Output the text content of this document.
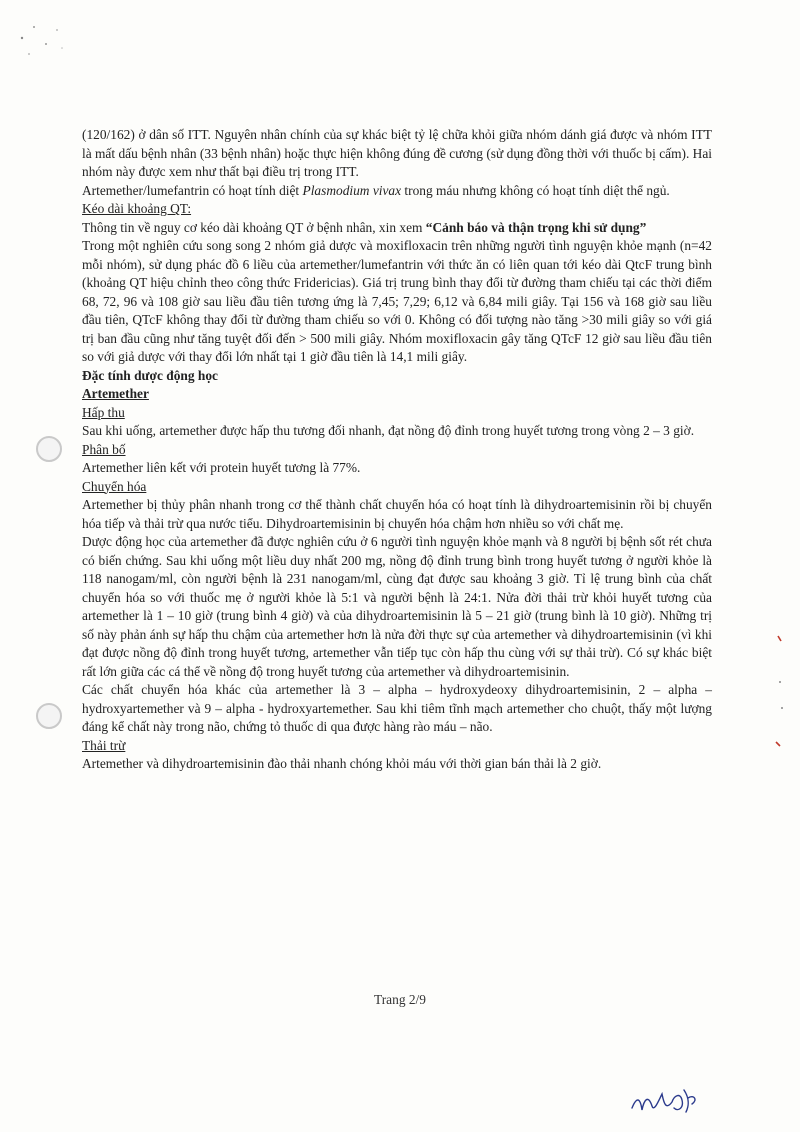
(120/162) ở dân số ITT. Nguyên nhân chính của sự khác biệt tỷ lệ chữa khỏi giữa nhóm dánh giá được và nhóm ITT là mất dấu bệnh nhân (33 bệnh nhân) hoặc thực hiện không đúng đề cương (sử dụng đồng thời với thuốc bị cấm). Hai nhóm này được xem như thất bại điều trị trong ITT.

Artemether/lumefantrin có hoạt tính diệt Plasmodium vivax trong máu nhưng không có hoạt tính diệt thể ngủ.

Kéo dài khoảng QT:

Thông tin về nguy cơ kéo dài khoảng QT ở bệnh nhân, xin xem “Cảnh báo và thận trọng khi sử dụng”

Trong một nghiên cứu song song 2 nhóm giả dược và moxifloxacin trên những người tình nguyện khỏe mạnh (n=42 mỗi nhóm), sử dụng phác đồ 6 liều của artemether/lumefantrin với thức ăn có liên quan tới kéo dài QtcF trung bình (khoảng QT hiệu chỉnh theo công thức Fridericias). Giá trị trung bình thay đổi từ đường tham chiếu tại các thời điểm 68, 72, 96 và 108 giờ sau liều đầu tiên tương ứng là 7,45; 7,29; 6,12 và 6,84 mili giây. Tại 156 và 168 giờ sau liều đầu tiên, QTcF không thay đổi từ đường tham chiếu so với 0. Không có đối tượng nào tăng >30 mili giây so với giá trị ban đầu cũng như tăng tuyệt đối đến > 500 mili giây. Nhóm moxifloxacin gây tăng QTcF 12 giờ sau liều đầu tiên so với giả dược với thay đổi lớn nhất tại 1 giờ đầu tiên là 14,1 mili giây.

Đặc tính dược động học

Artemether

Hấp thu

Sau khi uống, artemether được hấp thu tương đối nhanh, đạt nồng độ đỉnh trong huyết tương trong vòng 2 – 3 giờ.

Phân bố

Artemether liên kết với protein huyết tương là 77%.

Chuyển hóa

Artemether bị thủy phân nhanh trong cơ thể thành chất chuyển hóa có hoạt tính là dihydroartemisinin rồi bị chuyển hóa tiếp và thải trừ qua nước tiểu. Dihydroartemisinin bị chuyển hóa chậm hơn nhiều so với chất mẹ.

Dược động học của artemether đã được nghiên cứu ở 6 người tình nguyện khỏe mạnh và 8 người bị bệnh sốt rét chưa có biến chứng. Sau khi uống một liều duy nhất 200 mg, nồng độ đỉnh trung bình trong huyết tương ở người khỏe là 118 nanogam/ml, còn người bệnh là 231 nanogam/ml, cùng đạt được sau khoảng 3 giờ. Tỉ lệ trung bình của chất chuyển hóa so với thuốc mẹ ở người khỏe là 5:1 và người bệnh là 24:1. Nửa đời thải trừ khỏi huyết tương của artemether là 1 – 10 giờ (trung bình 4 giờ) và của dihydroartemisinin là 5 – 21 giờ (trung bình là 10 giờ). Những trị số này phản ánh sự hấp thu chậm của artemether hơn là nửa đời thực sự của artemether và dihydroartemisinin (vì khi đạt được nồng độ đỉnh trong huyết tương, artemether vẫn tiếp tục còn hấp thu cùng với sự thải trừ). Có sự khác biệt rất lớn giữa các cá thể về nồng độ trong huyết tương của artemether và dihydroartemisinin.

Các chất chuyển hóa khác của artemether là 3 – alpha – hydroxydeoxy dihydroartemisinin, 2 – alpha – hydroxyartemether và 9 – alpha - hydroxyartemether. Sau khi tiêm tĩnh mạch artemether cho chuột, thấy một lượng đáng kể chất này trong não, chứng tỏ thuốc di qua được hàng rào máu – não.

Thải trừ

Artemether và dihydroartemisinin đào thải nhanh chóng khỏi máu với thời gian bán thải là 2 giờ.

Trang 2/9
